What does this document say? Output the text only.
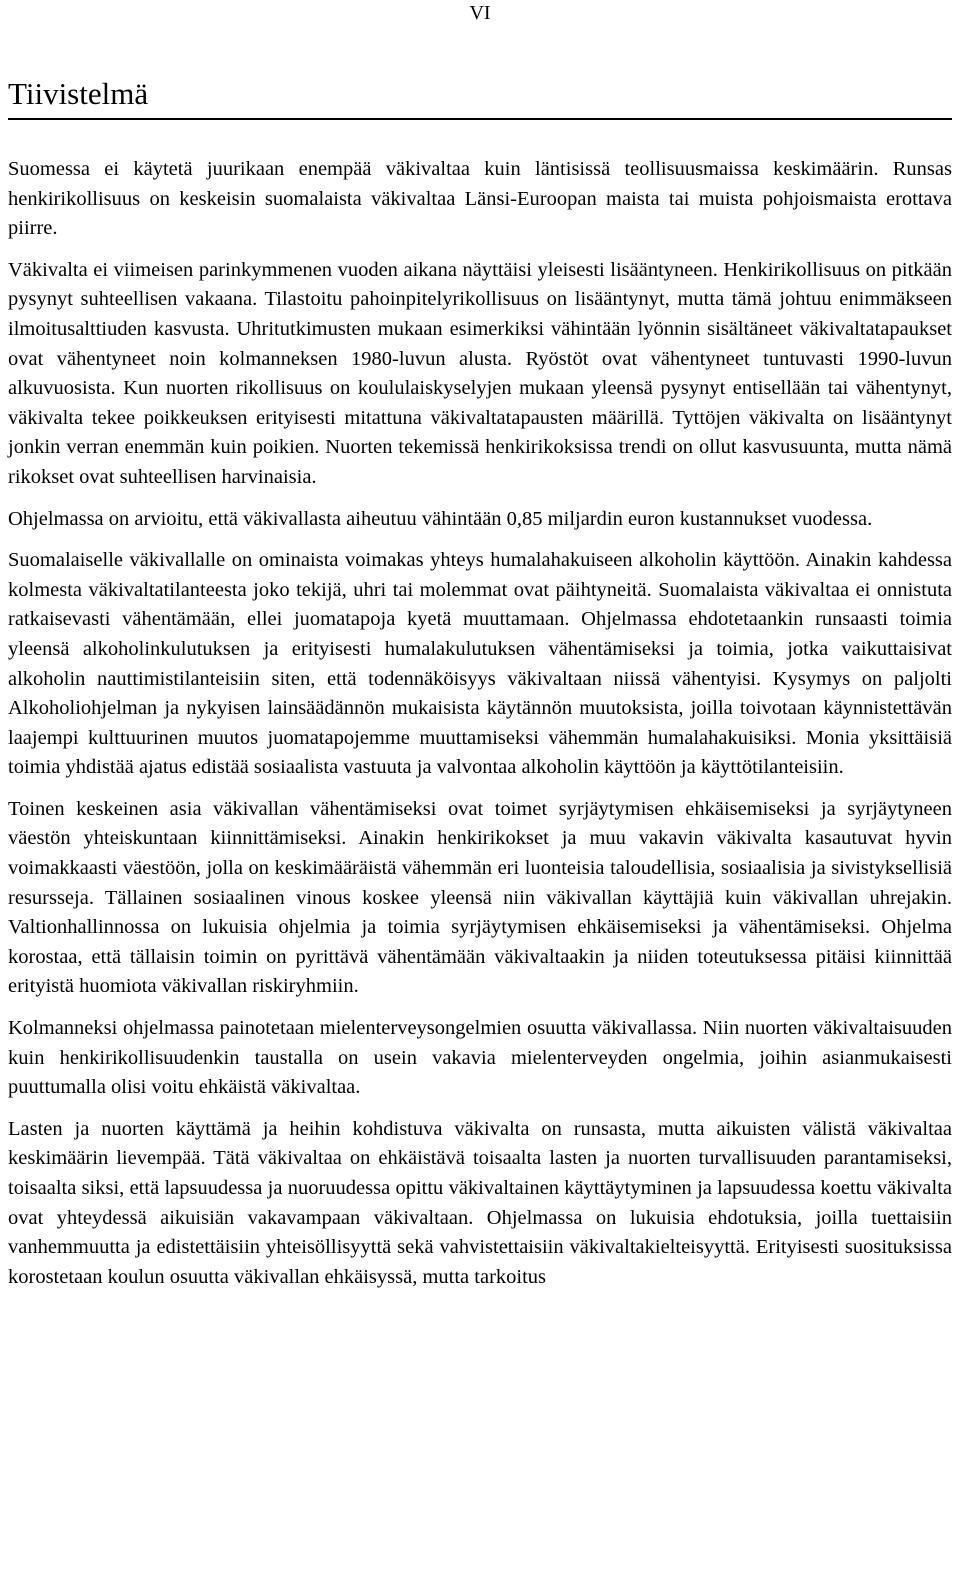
VI
Tiivistelmä

Suomessa ei käytetä juurikaan enempää väkivaltaa kuin läntisissä teollisuusmaissa keskimäärin. Runsas henkirikollisuus on keskeisin suomalaista väkivaltaa Länsi-Euroopan maista tai muista pohjoismaista erottava piirre.

Väkivalta ei viimeisen parinkymmenen vuoden aikana näyttäisi yleisesti lisääntyneen. Henkirikollisuus on pitkään pysynyt suhteellisen vakaana. Tilastoitu pahoinpitelyrikollisuus on lisääntynyt, mutta tämä johtuu enimmäkseen ilmoitusalttiuden kasvusta. Uhritutkimusten mukaan esimerkiksi vähintään lyönnin sisältäneet väkivaltatapaukset ovat vähentyneet noin kolmanneksen 1980-luvun alusta. Ryöstöt ovat vähentyneet tuntuvasti 1990-luvun alkuvuosista. Kun nuorten rikollisuus on koululaiskyselyjen mukaan yleensä pysynyt entisellään tai vähentynyt, väkivalta tekee poikkeuksen erityisesti mitattuna väkivaltatapausten määrillä. Tyttöjen väkivalta on lisääntynyt jonkin verran enemmän kuin poikien. Nuorten tekemissä henkirikoksissa trendi on ollut kasvusuunta, mutta nämä rikokset ovat suhteellisen harvinaisia.

Ohjelmassa on arvioitu, että väkivallasta aiheutuu vähintään 0,85 miljardin euron kustannukset vuodessa.

Suomalaiselle väkivallalle on ominaista voimakas yhteys humalahakuiseen alkoholin käyttöön. Ainakin kahdessa kolmesta väkivaltatilanteesta joko tekijä, uhri tai molemmat ovat päihtyneitä. Suomalaista väkivaltaa ei onnistuta ratkaisevasti vähentämään, ellei juomatapoja kyetä muuttamaan. Ohjelmassa ehdotetaankin runsaasti toimia yleensä alkoholinkulutuksen ja erityisesti humalakulutuksen vähentämiseksi ja toimia, jotka vaikuttaisivat alkoholin nauttimistilanteisiin siten, että todennäköisyys väkivaltaan niissä vähentyisi. Kysymys on paljolti Alkoholiohjelman ja nykyisen lainsäädännön mukaisista käytännön muutoksista, joilla toivotaan käynnistettävän laajempi kulttuurinen muutos juomatapojemme muuttamiseksi vähemmän humalahakuisiksi. Monia yksittäisiä toimia yhdistää ajatus edistää sosiaalista vastuuta ja valvontaa alkoholin käyttöön ja käyttötilanteisiin.

Toinen keskeinen asia väkivallan vähentämiseksi ovat toimet syrjäytymisen ehkäisemiseksi ja syrjäytyneen väestön yhteiskuntaan kiinnittämiseksi. Ainakin henkirikokset ja muu vakavin väkivalta kasautuvat hyvin voimakkaasti väestöön, jolla on keskimääräistä vähemmän eri luonteisia taloudellisia, sosiaalisia ja sivistyksellisiä resursseja. Tällainen sosiaalinen vinous koskee yleensä niin väkivallan käyttäjiä kuin väkivallan uhrejakin. Valtionhallinnossa on lukuisia ohjelmia ja toimia syrjäytymisen ehkäisemiseksi ja vähentämiseksi. Ohjelma korostaa, että tällaisin toimin on pyrittävä vähentämään väkivaltaakin ja niiden toteutuksessa pitäisi kiinnittää erityistä huomiota väkivallan riskiryhmiin.

Kolmanneksi ohjelmassa painotetaan mielenterveysongelmien osuutta väkivallassa. Niin nuorten väkivaltaisuuden kuin henkirikollisuudenkin taustalla on usein vakavia mielenterveyden ongelmia, joihin asianmukaisesti puuttumalla olisi voitu ehkäistä väkivaltaa.

Lasten ja nuorten käyttämä ja heihin kohdistuva väkivalta on runsasta, mutta aikuisten välistä väkivaltaa keskimäärin lievempää. Tätä väkivaltaa on ehkäistävä toisaalta lasten ja nuorten turvallisuuden parantamiseksi, toisaalta siksi, että lapsuudessa ja nuoruudessa opittu väkivaltainen käyttäytyminen ja lapsuudessa koettu väkivalta ovat yhteydessä aikuisiän vakavampaan väkivaltaan. Ohjelmassa on lukuisia ehdotuksia, joilla tuettaisiin vanhemmuutta ja edistettäisiin yhteisöllisyyttä sekä vahvistettaisiin väkivaltakielteisyyttä. Erityisesti suosituksissa korostetaan koulun osuutta väkivallan ehkäisyssä, mutta tarkoitus
